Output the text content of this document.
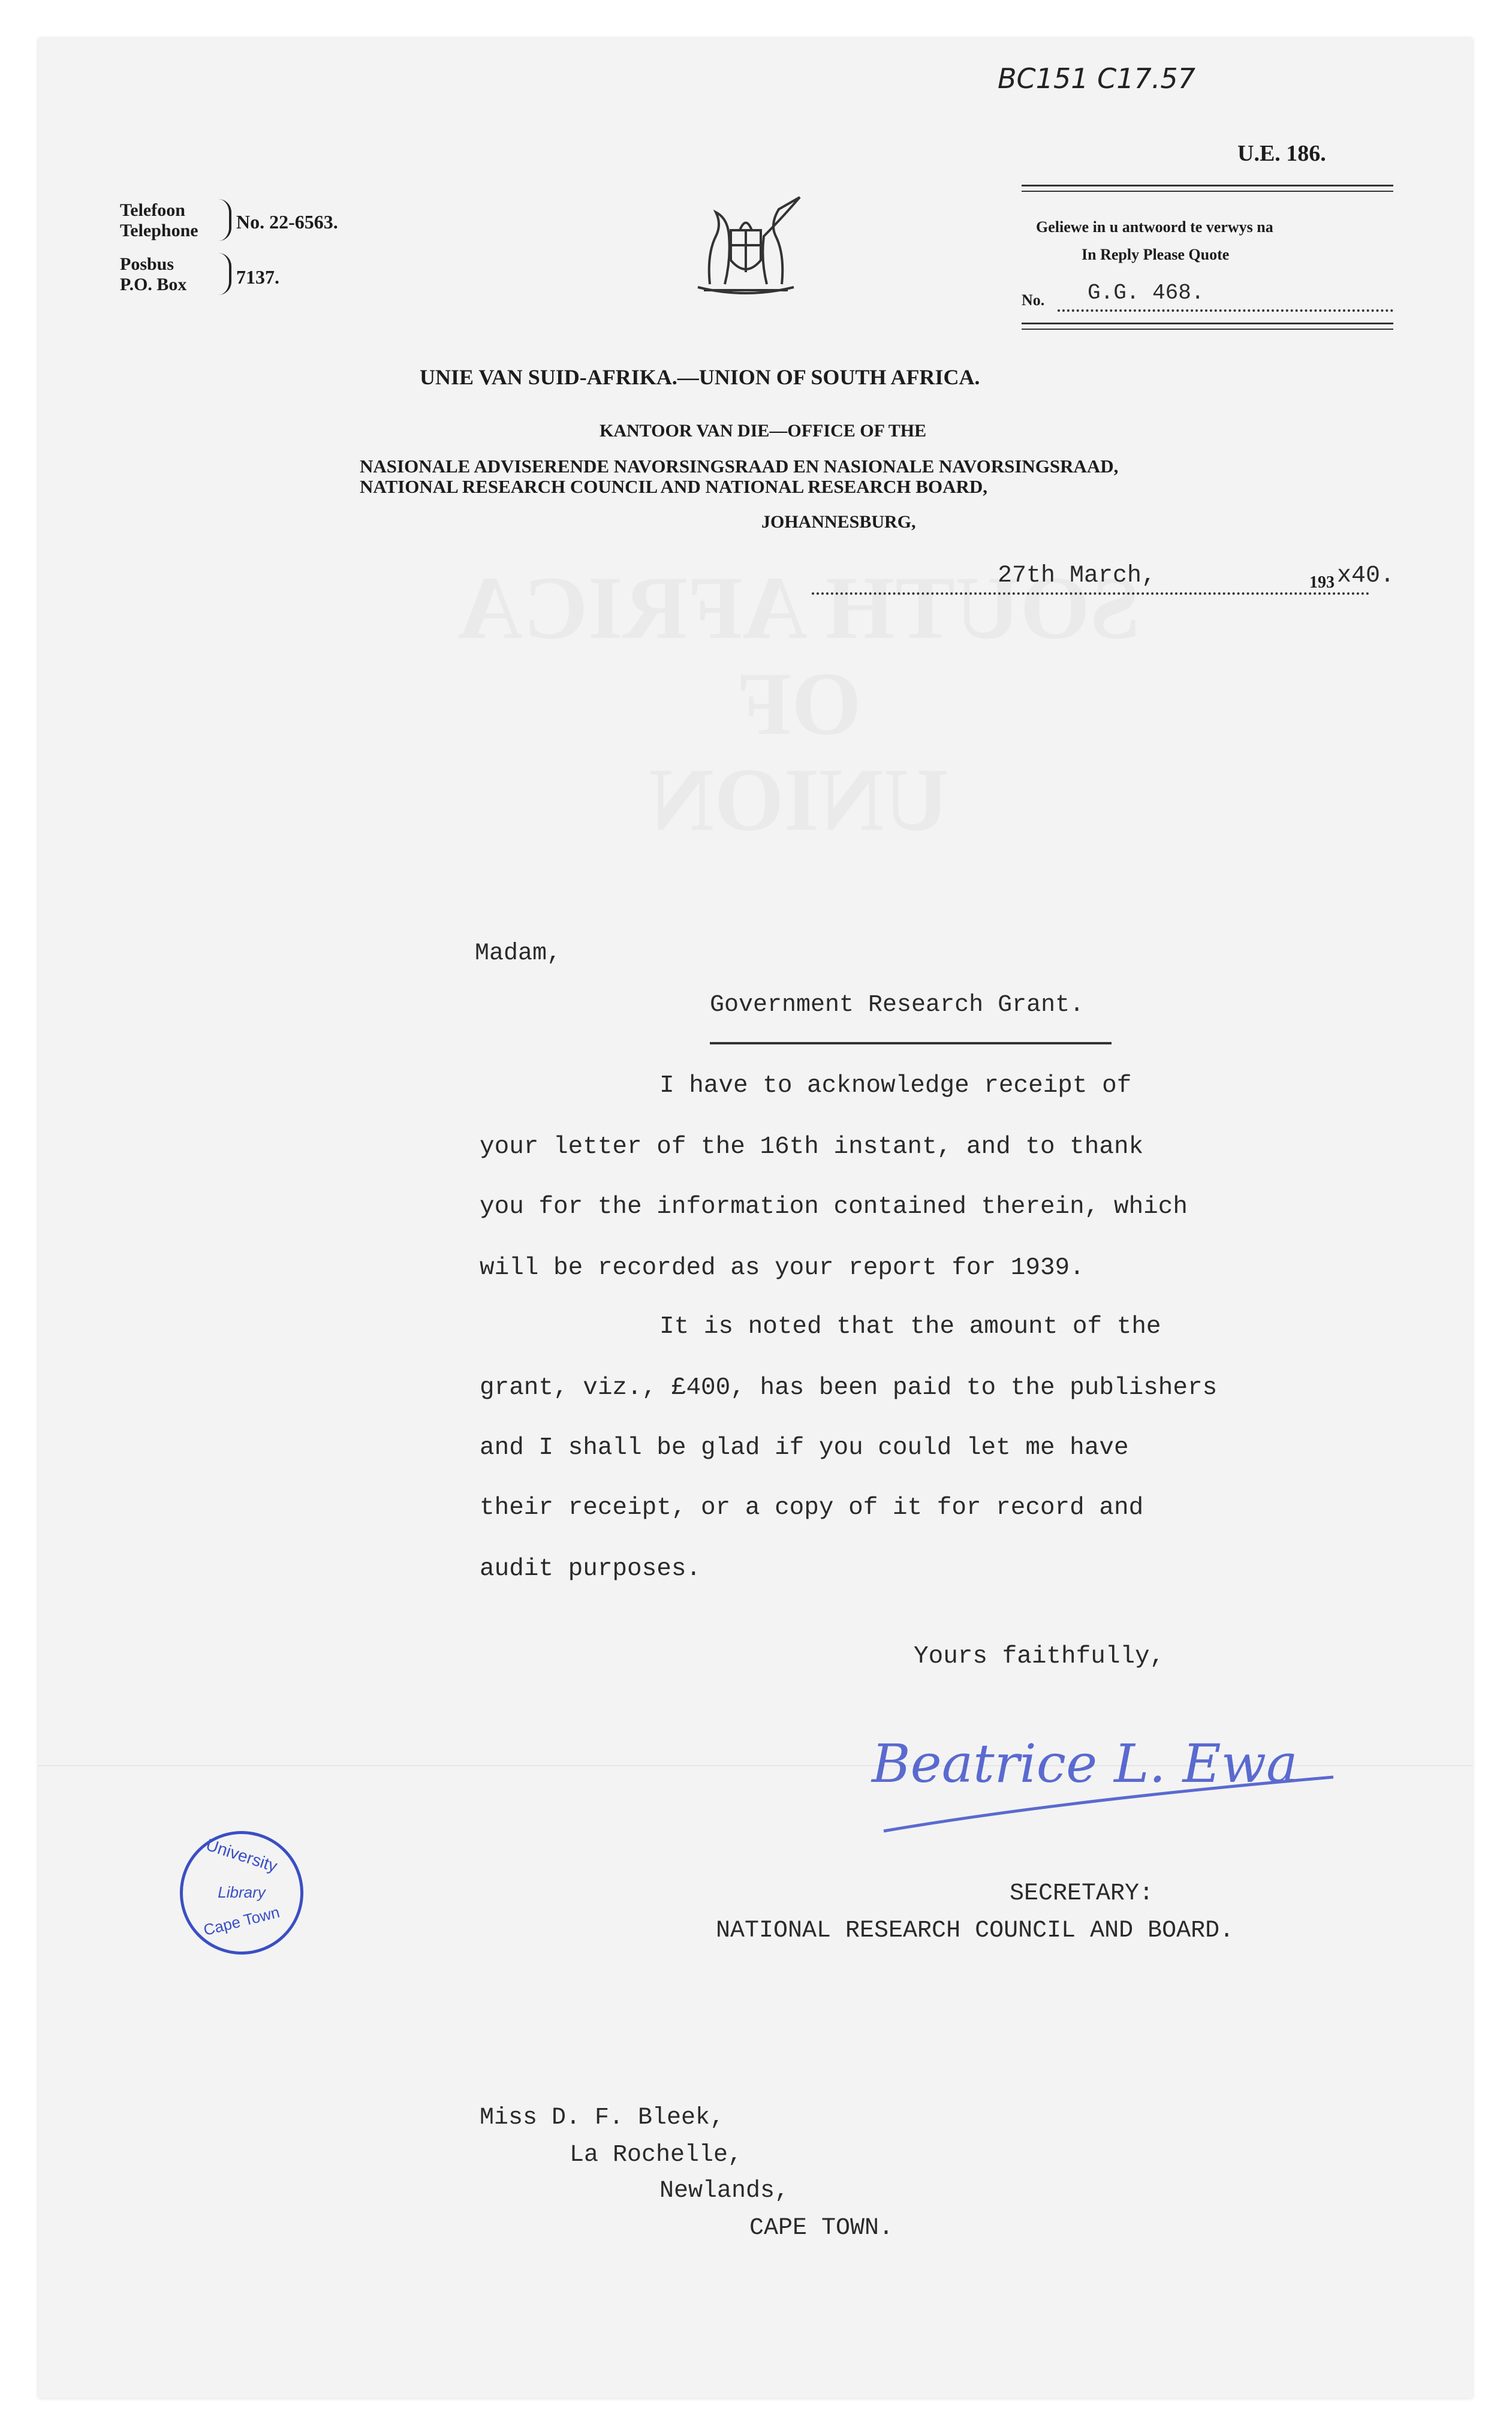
BC151 C17.57
U.E. 186.
Telefoon
Telephone No. 22-6563.
Posbus
P.O. Box	7137.
Geliewe in u antwoord te verwys na
In Reply Please Quote
No. G.G. 468.
UNIE VAN SUID-AFRIKA.—UNION OF SOUTH AFRICA.
KANTOOR VAN DIE—OFFICE OF THE
NASIONALE ADVISERENDE NAVORSINGSRAAD EN NASIONALE NAVORSINGSRAAD,
NATIONAL RESEARCH COUNCIL AND NATIONAL RESEARCH BOARD,
JOHANNESBURG,
27th March,	193 x40.
Madam,
Government Research Grant.
I have to acknowledge receipt of
your letter of the 16th instant, and to thank
you for the information contained therein, which
will be recorded as your report for 1939.
It is noted that the amount of the
grant, viz., £400, has been paid to the publishers
and I shall be glad if you could let me have
their receipt, or a copy of it for record and
audit purposes.
Yours faithfully,
Beatrice L. Ewa
SECRETARY:
NATIONAL RESEARCH COUNCIL AND BOARD.
University
Library
Cape Town
Miss D. F. Bleek,
La Rochelle,
Newlands,
CAPE TOWN.
